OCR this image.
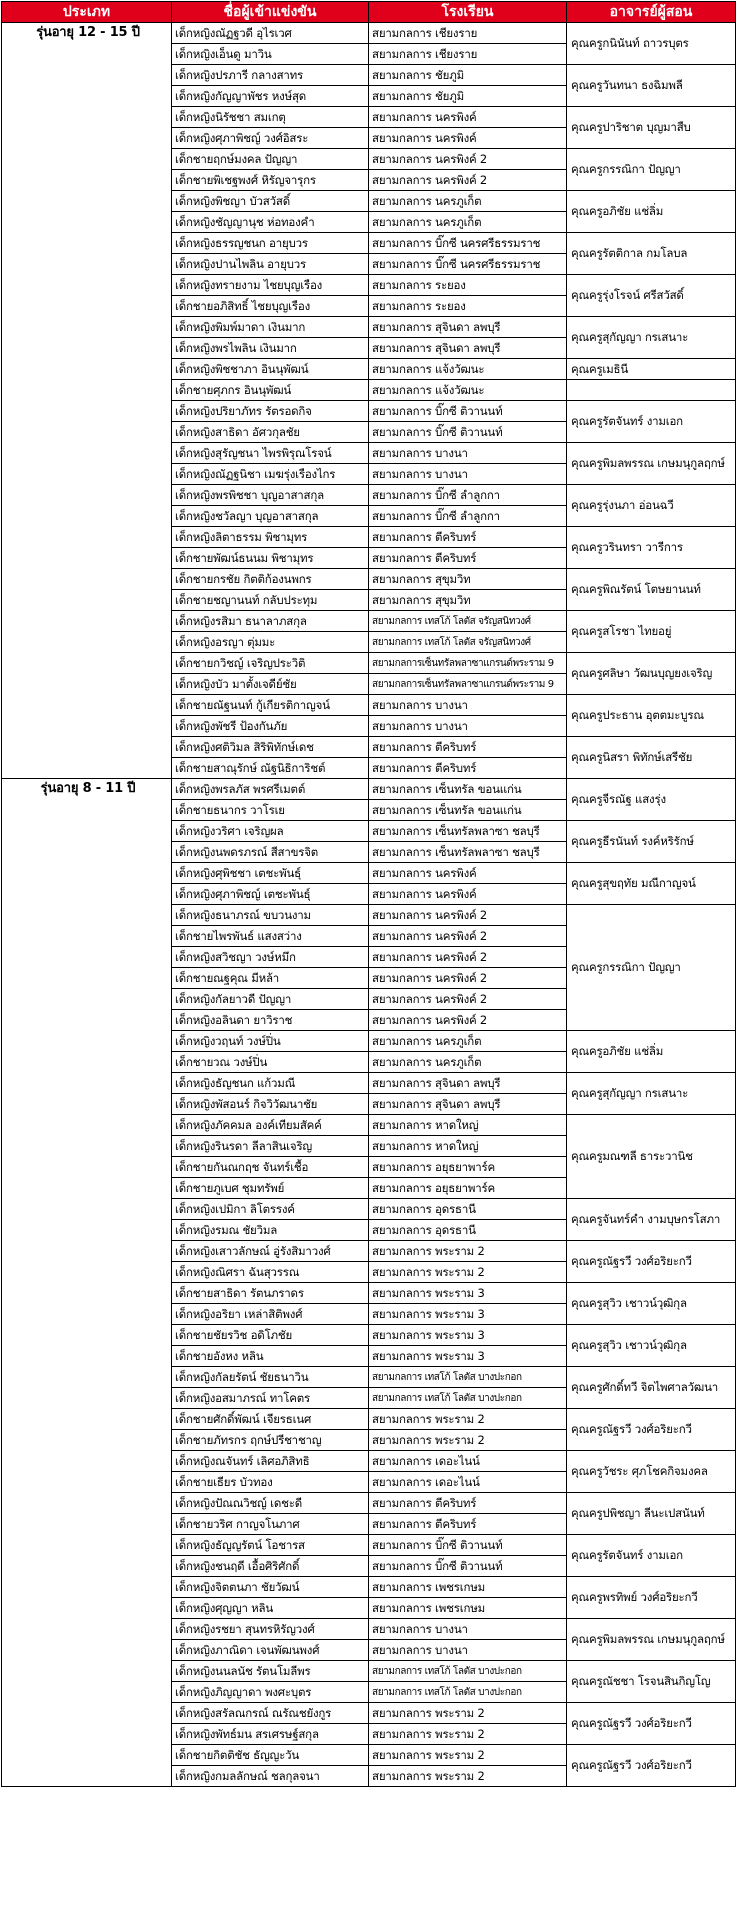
ประเภท	ชื่อผู้เข้าแข่งขัน	โรงเรียน	อาจารย์ผู้สอน
รุ่นอายุ 12 - 15 ปี	เด็กหญิงณัฏฐวดี อุไรเวศ	สยามกลการ เชียงราย	คุณครูกนินันท์ ถาวรบุตร
	เด็กหญิงเอ็นดู มาวิน	สยามกลการ เชียงราย	
	เด็กหญิงปรภารี กลางสาทร	สยามกลการ ชัยภูมิ	คุณครูวันทนา ธงฉิมพลี
	เด็กหญิงกัญญาพัชร หงษ์สุด	สยามกลการ ชัยภูมิ	
	เด็กหญิงนิรัชชา สมเกตุ	สยามกลการ นครพิงค์	คุณครูปาริชาต บุญมาสืบ
	เด็กหญิงศุภาพิชญ์ วงศ์อิสระ	สยามกลการ นครพิงค์	
	เด็กชายฤกษ์มงคล ปัญญา	สยามกลการ นครพิงค์ 2	คุณครูกรรณิกา ปัญญา
	เด็กชายพิเชฐพงศ์ หิรัญจารุกร	สยามกลการ นครพิงค์ 2	
	เด็กหญิงพิชญา บัวสวัสดิ์	สยามกลการ นครภูเก็ต	คุณครูอภิชัย แช่ลิ่ม
	เด็กหญิงชัญญานุช ห่อทองคำ	สยามกลการ นครภูเก็ต	
	เด็กหญิงธรรญชนก อายุบวร	สยามกลการ บิ๊กซี นครศรีธรรมราช	คุณครูรัตติกาล กมโลบล
	เด็กหญิงปานไพลิน อายุบวร	สยามกลการ บิ๊กซี นครศรีธรรมราช	
	เด็กหญิงทรายงาม ไชยบุญเรือง	สยามกลการ ระยอง	คุณครูรุ่งโรจน์ ศรีสวัสดิ์
	เด็กชายอภิสิทธิ์ ไชยบุญเรือง	สยามกลการ ระยอง	
	เด็กหญิงพิมพ์มาดา เงินมาก	สยามกลการ สุจินดา ลพบุรี	คุณครูสุกัญญา กรเสนาะ
	เด็กหญิงพรไพลิน เงินมาก	สยามกลการ สุจินดา ลพบุรี	
	เด็กหญิงพิชชาภา อินนุพัฒน์	สยามกลการ แจ้งวัฒนะ	คุณครูเมธินี
	เด็กชายศุภกร อินนุพัฒน์	สยามกลการ แจ้งวัฒนะ	
	เด็กหญิงปริยาภัทร รัตรอดกิจ	สยามกลการ บิ๊กซี ติวานนท์	คุณครูรัตจันทร์ งามเอก
	เด็กหญิงสาธิดา อัศวกุลชัย	สยามกลการ บิ๊กซี ติวานนท์	
	เด็กหญิงสุรัญชนา ไพรพิรุณโรจน์	สยามกลการ บางนา	คุณครูพิมลพรรณ เกษมนุกูลฤกษ์
	เด็กหญิงณัฏฐนิชา เมฆรุ่งเรืองไกร	สยามกลการ บางนา	
	เด็กหญิงพรพิชชา บุญอาสาสกุล	สยามกลการ บิ๊กซี ลำลูกกา	คุณครูรุ่งนภา อ่อนฉวี
	เด็กหญิงชวัลญา บุญอาสาสกุล	สยามกลการ บิ๊กซี ลำลูกกา	
	เด็กหญิงลิตาธรรม พิชามุทร	สยามกลการ ตีคริบทร์	คุณครูวรินทรา วารีการ
	เด็กชายพัฒน์ธนนม พิชามุทร	สยามกลการ ตีคริบทร์	
	เด็กชายกรชัย กิตติก้องนพกร	สยามกลการ สุขุมวิท	คุณครูพิณรัตน์ โตษยานนท์
	เด็กชายชญานนท์ กลับประทุม	สยามกลการ สุขุมวิท	
	เด็กหญิงรสิมา ธนาลาภสกุล	สยามกลการ เทสโก้ โลตัส จรัญสนิทวงศ์	คุณครูสโรชา ไทยอยู่
	เด็กหญิงอรญา ตุ่มมะ	สยามกลการ เทสโก้ โลตัส จรัญสนิทวงศ์	
	เด็กชายกวิชญ์ เจริญประวิติ	สยามกลการเซ็นทรัลพลาซาแกรนด์พระราม 9	คุณครูศลิษา วัฒนบุญยงเจริญ
	เด็กหญิงบัว มาตั้งเจดีย์ชัย	สยามกลการเซ็นทรัลพลาซาแกรนด์พระราม 9	
	เด็กชายณัฐนนท์ กู้เกียรติกาญจน์	สยามกลการ บางนา	คุณครูประธาน อุตตมะบูรณ
	เด็กหญิงพัชรี ป้องกันภัย	สยามกลการ บางนา	
	เด็กหญิงศติวิมล สิริพิทักษ์เดช	สยามกลการ ตีคริบทร์	คุณครูนิสรา พิทักษ์เสรีชัย
	เด็กชายสาณุรักษ์ ณัฐนิธิการิชต์	สยามกลการ ตีคริบทร์	
รุ่นอายุ 8 - 11 ปี	เด็กหญิงพรลภัส พรศรีเมตต์	สยามกลการ เซ็นทรัล ขอนแก่น	คุณครูจีรณัฐ แสงรุ่ง
	เด็กชายธนากร วาโรเย	สยามกลการ เซ็นทรัล ขอนแก่น	
	เด็กหญิงวริศา เจริญผล	สยามกลการ เซ็นทรัลพลาซา ชลบุรี	คุณครูธีรนันท์ รงค์หริรักษ์
	เด็กหญิงนพดรภรณ์ สีสาขรจิต	สยามกลการ เซ็นทรัลพลาซา ชลบุรี	
	เด็กหญิงศุพิชชา เตชะพันธุ์	สยามกลการ นครพิงค์	คุณครูสุขฤทัย มณีกาญจน์
	เด็กหญิงศุภาพิชญ์ เตชะพันธุ์	สยามกลการ นครพิงค์	
	เด็กหญิงธนาภรณ์ ขบวนงาม	สยามกลการ นครพิงค์ 2	คุณครูกรรณิกา ปัญญา
	เด็กชายไพรพันธ์ แสงสว่าง	สยามกลการ นครพิงค์ 2	
	เด็กหญิงสวิชญา วงษ์หมึก	สยามกลการ นครพิงค์ 2	
	เด็กชายณฐคุณ มีหล้า	สยามกลการ นครพิงค์ 2	
	เด็กหญิงกัลยาวดี ปัญญา	สยามกลการ นครพิงค์ 2	
	เด็กหญิงอลินดา ยาวิราช	สยามกลการ นครพิงค์ 2	
	เด็กหญิงวฤนท์ วงษ์ปิ่น	สยามกลการ นครภูเก็ต	คุณครูอภิชัย แช่ลิ่ม
	เด็กชายวณ วงษ์ปิ่น	สยามกลการ นครภูเก็ต	
	เด็กหญิงธัญชนก แก้วมณี	สยามกลการ สุจินดา ลพบุรี	คุณครูสุกัญญา กรเสนาะ
	เด็กหญิงพัสอนร์ กิจวิวัฒนาชัย	สยามกลการ สุจินดา ลพบุรี	
	เด็กหญิงภัคคมล องค์เทียมสัคค์	สยามกลการ หาดใหญ่	คุณครูมณฑลี ธาระวานิช
	เด็กหญิงรินรดา ลีลาสินเจริญ	สยามกลการ หาดใหญ่	
	เด็กชายกันณกฤช จันทร์เชื้อ	สยามกลการ อยุธยาพาร์ค	
	เด็กชายภูเบศ ชุมทรัพย์	สยามกลการ อยุธยาพาร์ค	
	เด็กหญิงเปมิกา ลิโตรรงค์	สยามกลการ อุดรธานี	คุณครูจันทร์คำ งามบุษกรโสภา
	เด็กหญิงรมณ ชัยวิมล	สยามกลการ อุดรธานี	
	เด็กหญิงเสาวลักษณ์ อู่รังสิมาวงศ์	สยามกลการ พระราม 2	คุณครูณัฐรวี วงศ์อริยะกวี
	เด็กหญิงณิศรา ฉันสุวรรณ	สยามกลการ พระราม 2	
	เด็กชายสาธิดา รัตนภราดร	สยามกลการ พระราม 3	คุณครูสุวิว เชาวน์วุฒิกุล
	เด็กหญิงอริยา เหล่าสิติพงศ์	สยามกลการ พระราม 3	
	เด็กชายชัยรวิช อดิโภชัย	สยามกลการ พระราม 3	คุณครูสุวิว เชาวน์วุฒิกุล
	เด็กชายอังหง หลิน	สยามกลการ พระราม 3	
	เด็กหญิงกัลยรัตน์ ชัยธนาวิน	สยามกลการ เทสโก้ โลตัส บางปะกอก	คุณครูศักดิ์ทวี จิตไพศาลวัฒนา
	เด็กหญิงอสมาภรณ์ ทาโคตร	สยามกลการ เทสโก้ โลตัส บางปะกอก	
	เด็กชายศักดิ์พัฒน์ เจียรธเนศ	สยามกลการ พระราม 2	คุณครูณัฐรวี วงศ์อริยะกวี
	เด็กชายภัทรกร ฤกษ์ปรีชาชาญ	สยามกลการ พระราม 2	
	เด็กหญิงณจันทร์ เลิศอภิสิทธิ	สยามกลการ เดอะไนน์	คุณครูวัชระ ศุภโชคกิจมงคล
	เด็กชายเธียร บัวทอง	สยามกลการ เดอะไนน์	
	เด็กหญิงปัณณวิชญ์ เดชะดี	สยามกลการ ตีคริบทร์	คุณครูปพิชญา ลีนะเปสนันท์
	เด็กชายวริศ กาญจโนภาศ	สยามกลการ ตีคริบทร์	
	เด็กหญิงธัญญรัตน์ โอชารส	สยามกลการ บิ๊กซี ติวานนท์	คุณครูรัตจันทร์ งามเอก
	เด็กหญิงชนฤดี เอื้อศิริศักดิ์	สยามกลการ บิ๊กซี ติวานนท์	
	เด็กหญิงจิตตนภา ชัยวัฒน์	สยามกลการ เพชรเกษม	คุณครูพรทิพย์ วงศ์อริยะกวี
	เด็กหญิงศุญญา หลิน	สยามกลการ เพชรเกษม	
	เด็กหญิงรชยา สุนทรหิรัญวงศ์	สยามกลการ บางนา	คุณครูพิมลพรรณ เกษมนุกูลฤกษ์
	เด็กหญิงภาณิดา เจนพัฒนพงศ์	สยามกลการ บางนา	
	เด็กหญิงนนลนัช รัตนโมลีพร	สยามกลการ เทสโก้ โลตัส บางปะกอก	คุณครูณัชชา โรจนสินกิญโญ
	เด็กหญิงภิญญาดา พงศะบุตร	สยามกลการ เทสโก้ โลตัส บางปะกอก	
	เด็กหญิงสรัลณกรณ์ ณรัณชยังกูร	สยามกลการ พระราม 2	คุณครูณัฐรวี วงศ์อริยะกวี
	เด็กหญิงพัทธ์มน สรเศรษฐ์สกุล	สยามกลการ พระราม 2	
	เด็กชายกิตติชัช ธัญญะวัน	สยามกลการ พระราม 2	คุณครูณัฐรวี วงศ์อริยะกวี
	เด็กหญิงกมลลักษณ์ ชลกุลจนา	สยามกลการ พระราม 2	
